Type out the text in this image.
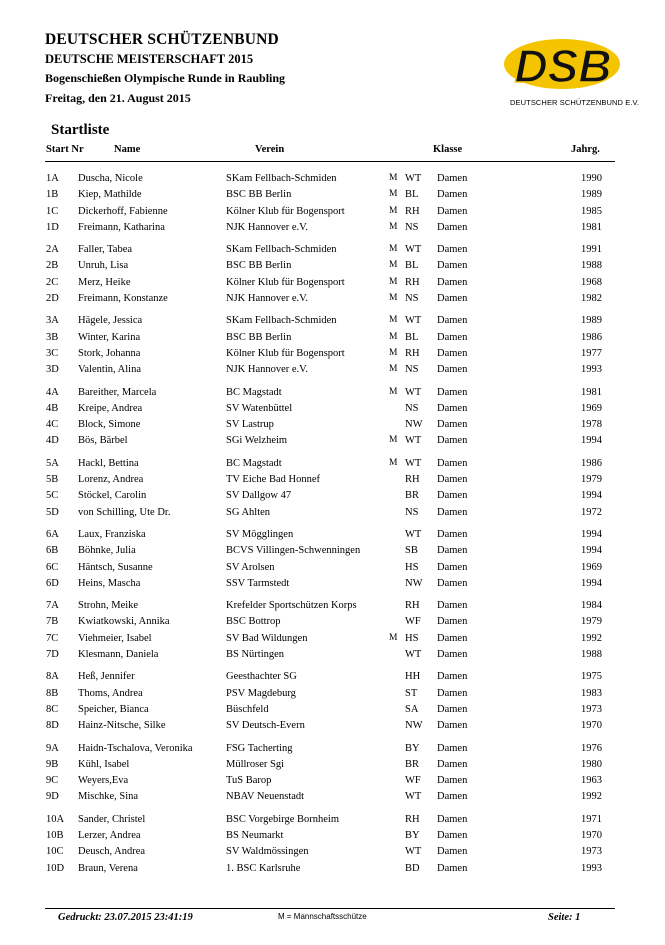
DEUTSCHER SCHÜTZENBUND
DEUTSCHE MEISTERSCHAFT 2015
Bogenschießen Olympische Runde in Raubling
Freitag, den 21. August 2015
DSB
DEUTSCHER SCHÜTZENBUND E.V.
Startliste
Start Nr	Name	Verein	Klasse	Jahrg.
1A Duscha, Nicole	SKam Fellbach-Schmiden	M WT Damen	1990
1B Kiep, Mathilde	BSC BB Berlin	M BL Damen	1989
1C Dickerhoff, Fabienne	Kölner Klub für Bogensport	M RH Damen	1985
1D Freimann, Katharina	NJK Hannover e.V.	M NS Damen	1981
2A Faller, Tabea	SKam Fellbach-Schmiden	M WT Damen	1991
2B Unruh, Lisa	BSC BB Berlin	M BL Damen	1988
2C Merz, Heike	Kölner Klub für Bogensport	M RH Damen	1968
2D Freimann, Konstanze	NJK Hannover e.V.	M NS Damen	1982
3A Hägele, Jessica	SKam Fellbach-Schmiden	M WT Damen	1989
3B Winter, Karina	BSC BB Berlin	M BL Damen	1986
3C Stork, Johanna	Kölner Klub für Bogensport	M RH Damen	1977
3D Valentin, Alina	NJK Hannover e.V.	M NS Damen	1993
4A Bareither, Marcela	BC Magstadt	M WT Damen	1981
4B Kreipe, Andrea	SV Watenbüttel	NS Damen	1969
4C Block, Simone	SV Lastrup	NW Damen	1978
4D Bös, Bärbel	SGi Welzheim	M WT Damen	1994
5A Hackl, Bettina	BC Magstadt	M WT Damen	1986
5B Lorenz, Andrea	TV Eiche Bad Honnef	RH Damen	1979
5C Stöckel, Carolin	SV Dallgow 47	BR Damen	1994
5D von Schilling, Ute Dr.	SG Ahlten	NS Damen	1972
6A Laux, Franziska	SV Mögglingen	WT Damen	1994
6B Böhnke, Julia	BCVS Villingen-Schwenningen	SB Damen	1994
6C Häntsch, Susanne	SV Arolsen	HS Damen	1969
6D Heins, Mascha	SSV Tarmstedt	NW Damen	1994
7A Strohn, Meike	Krefelder Sportschützen Korps	RH Damen	1984
7B Kwiatkowski, Annika	BSC Bottrop	WF Damen	1979
7C Viehmeier, Isabel	SV Bad Wildungen	M HS Damen	1992
7D Klesmann, Daniela	BS Nürtingen	WT Damen	1988
8A Heß, Jennifer	Geesthachter SG	HH Damen	1975
8B Thoms, Andrea	PSV Magdeburg	ST Damen	1983
8C Speicher, Bianca	Büschfeld	SA Damen	1973
8D Hainz-Nitsche, Silke	SV Deutsch-Evern	NW Damen	1970
9A Haidn-Tschalova, Veronika	FSG Tacherting	BY Damen	1976
9B Kühl, Isabel	Müllroser Sgi	BR Damen	1980
9C Weyers,Eva	TuS Barop	WF Damen	1963
9D Mischke, Sina	NBAV Neuenstadt	WT Damen	1992
10A Sander, Christel	BSC Vorgebirge Bornheim	RH Damen	1971
10B Lerzer, Andrea	BS Neumarkt	BY Damen	1970
10C Deusch, Andrea	SV Waldmössingen	WT Damen	1973
10D Braun, Verena	1. BSC Karlsruhe	BD Damen	1993
Gedruckt: 23.07.2015 23:41:19	M = Mannschaftsschütze	Seite: 1
